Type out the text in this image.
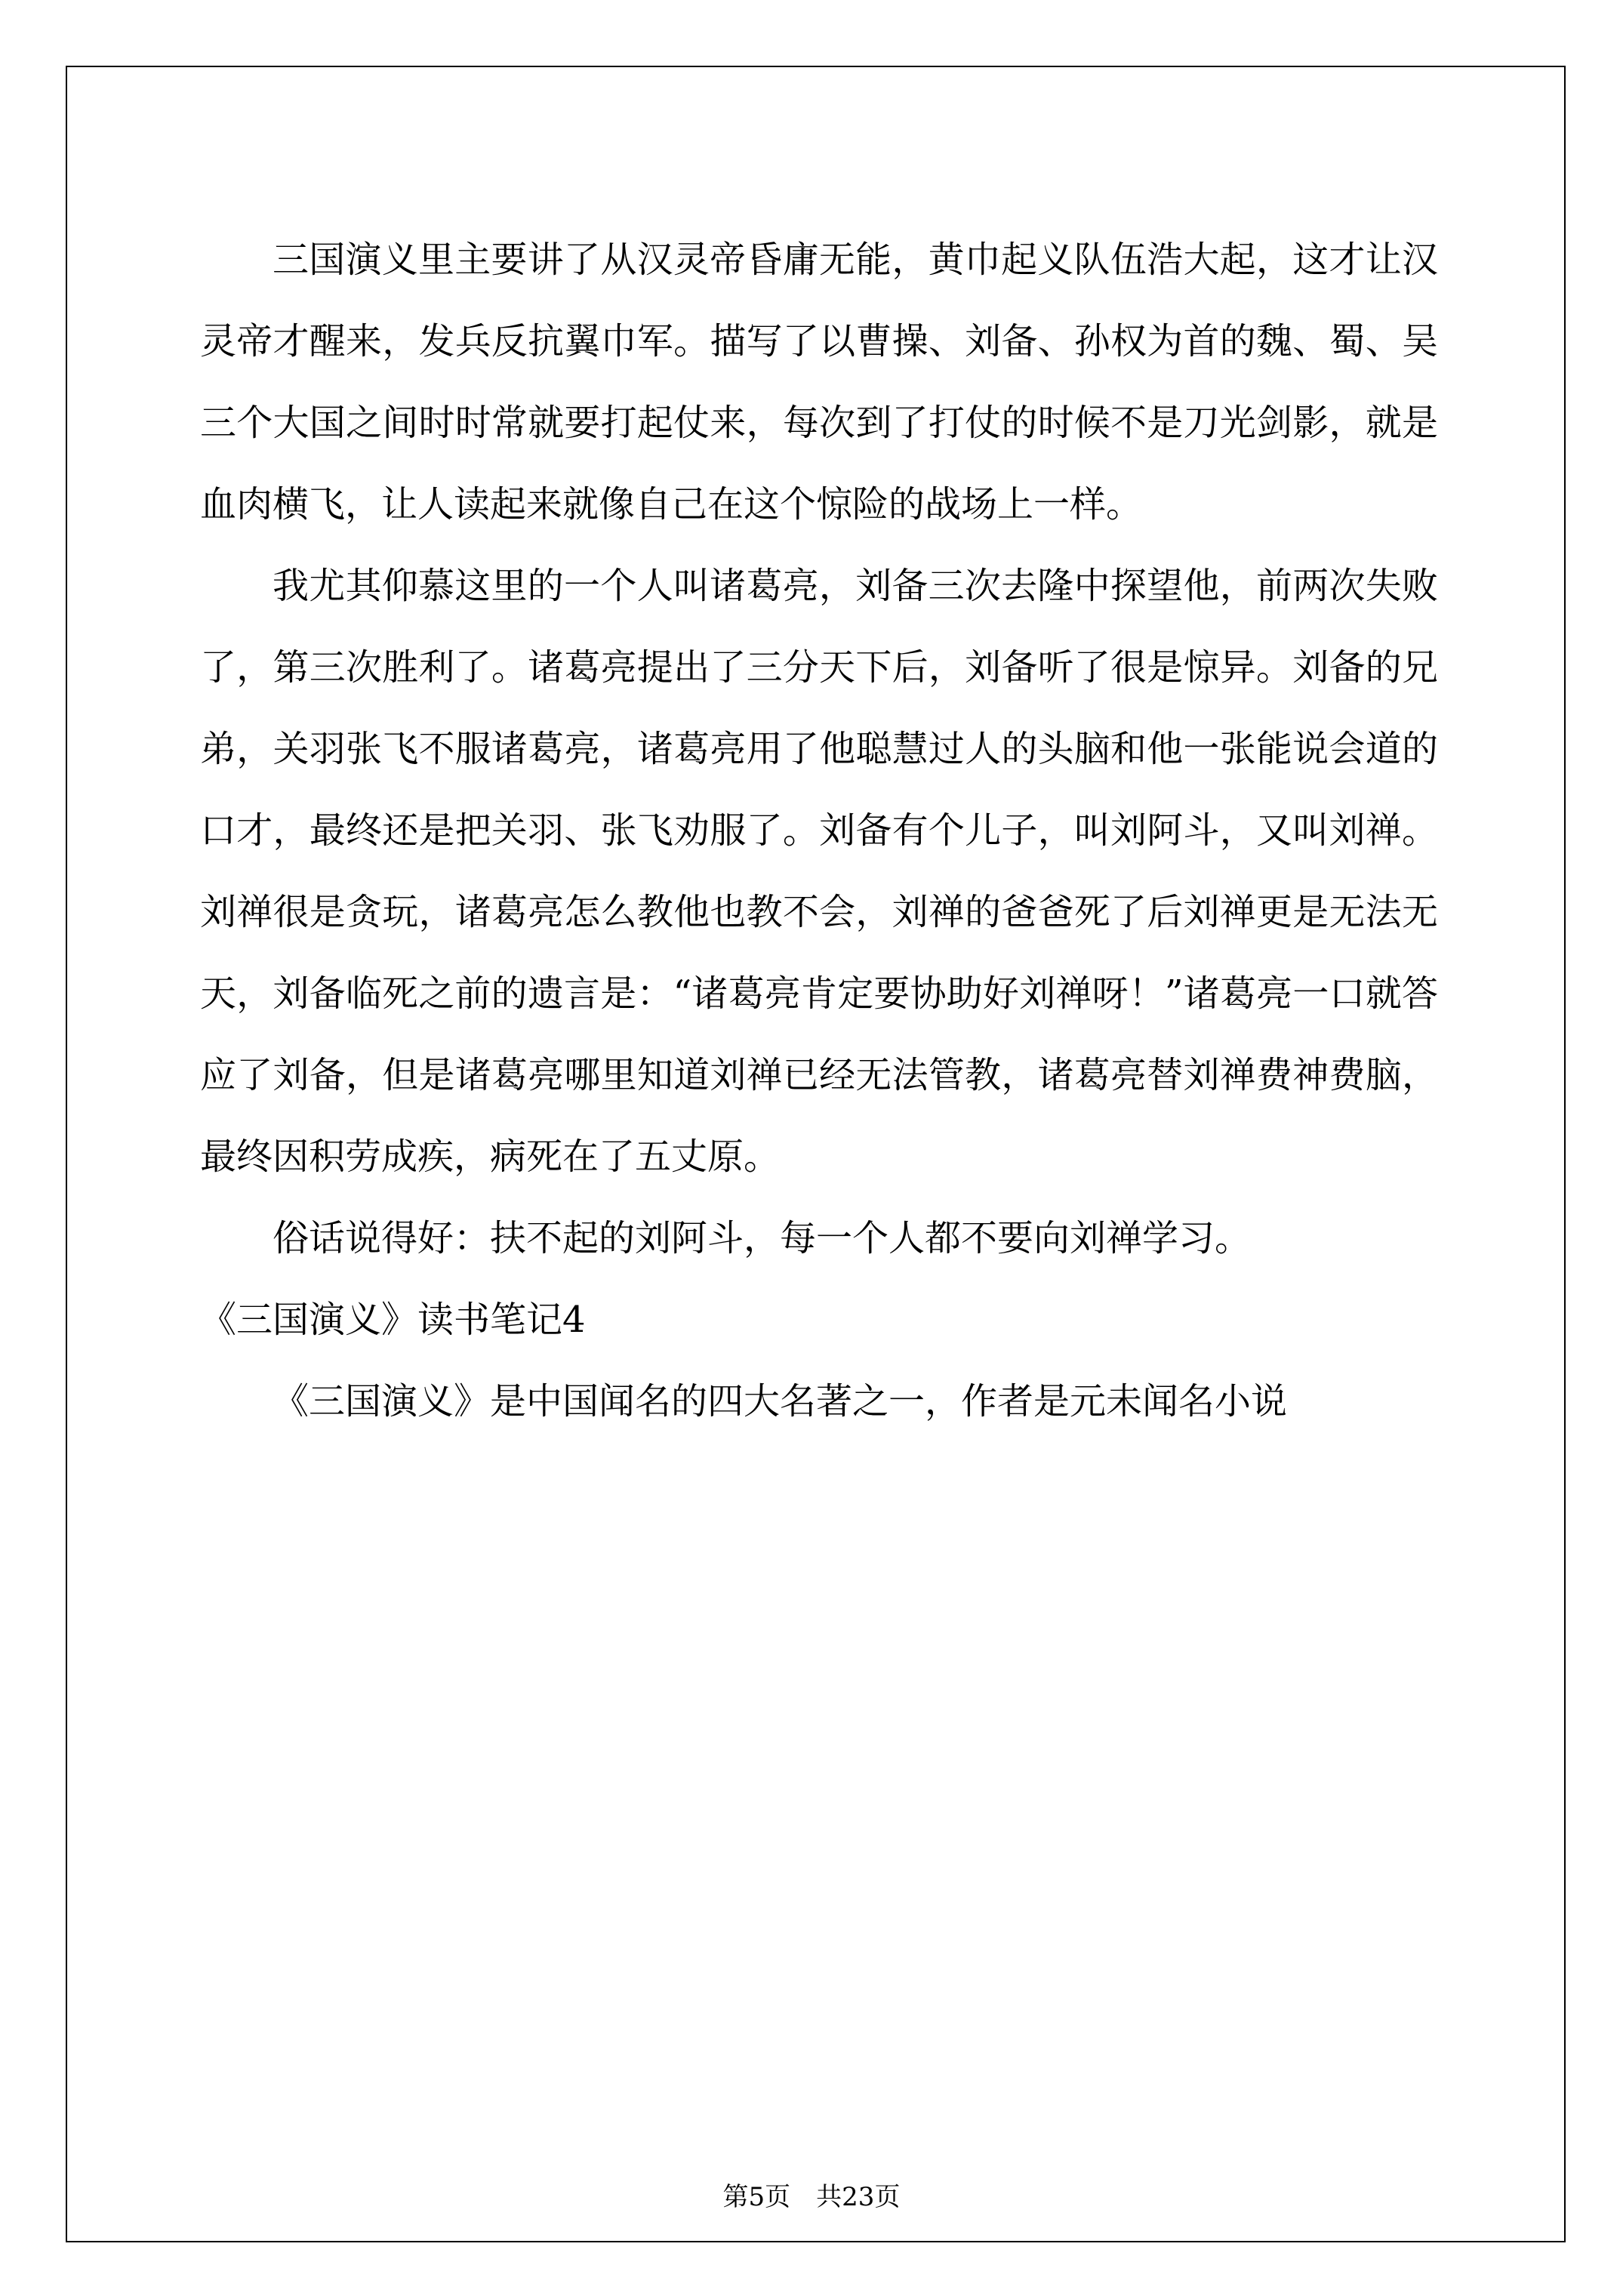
三国演义里主要讲了从汉灵帝昏庸无能，黄巾起义队伍浩大起，这才让汉灵帝才醒来，发兵反抗翼巾军。描写了以曹操、刘备、孙权为首的魏、蜀、吴三个大国之间时时常就要打起仗来，每次到了打仗的时候不是刀光剑影，就是血肉横飞，让人读起来就像自己在这个惊险的战场上一样。

我尤其仰慕这里的一个人叫诸葛亮，刘备三次去隆中探望他，前两次失败了，第三次胜利了。诸葛亮提出了三分天下后，刘备听了很是惊异。刘备的兄弟，关羽张飞不服诸葛亮，诸葛亮用了他聪慧过人的头脑和他一张能说会道的口才，最终还是把关羽、张飞劝服了。刘备有个儿子，叫刘阿斗，又叫刘禅。刘禅很是贪玩，诸葛亮怎么教他也教不会，刘禅的爸爸死了后刘禅更是无法无天，刘备临死之前的遗言是：“诸葛亮肯定要协助好刘禅呀！”诸葛亮一口就答应了刘备，但是诸葛亮哪里知道刘禅已经无法管教，诸葛亮替刘禅费神费脑，最终因积劳成疾，病死在了五丈原。

俗话说得好：扶不起的刘阿斗，每一个人都不要向刘禅学习。

《三国演义》读书笔记4

《三国演义》是中国闻名的四大名著之一，作者是元未闻名小说

第5页　共23页
